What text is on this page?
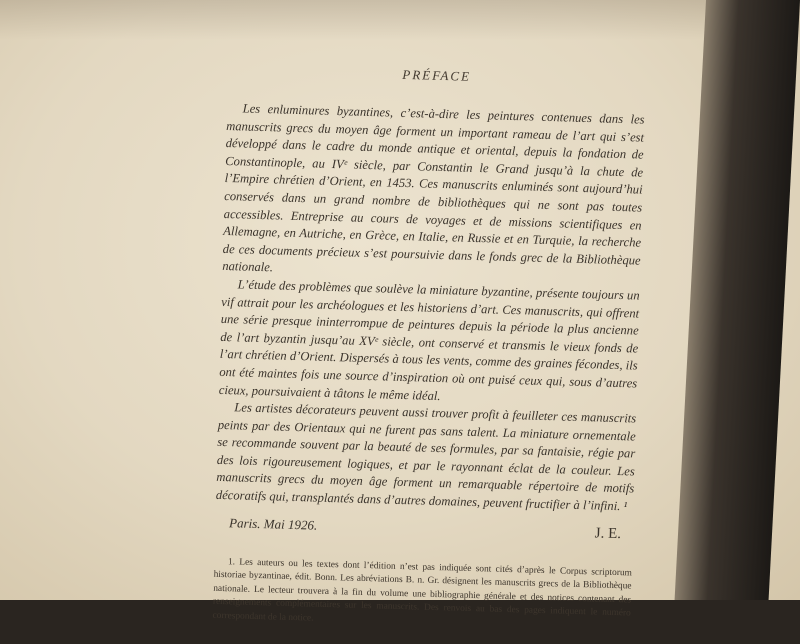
PRÉFACE

Les enluminures byzantines, c’est-à-dire les peintures contenues dans les manuscrits grecs du moyen âge forment un important rameau de l’art qui s’est développé dans le cadre du monde antique et oriental, depuis la fondation de Constantinople, au IVᵉ siècle, par Constantin le Grand jusqu’à la chute de l’Empire chrétien d’Orient, en 1453. Ces manuscrits enluminés sont aujourd’hui conservés dans un grand nombre de bibliothèques qui ne sont pas toutes accessibles. Entreprise au cours de voyages et de missions scientifiques en Allemagne, en Autriche, en Grèce, en Italie, en Russie et en Turquie, la recherche de ces documents précieux s’est poursuivie dans le fonds grec de la Bibliothèque nationale.

L’étude des problèmes que soulève la miniature byzantine, présente toujours un vif attrait pour les archéologues et les historiens d’art. Ces manuscrits, qui offrent une série presque ininterrompue de peintures depuis la période la plus ancienne de l’art byzantin jusqu’au XVᵉ siècle, ont conservé et transmis le vieux fonds de l’art chrétien d’Orient. Dispersés à tous les vents, comme des graines fécondes, ils ont été maintes fois une source d’inspiration où ont puisé ceux qui, sous d’autres cieux, poursuivaient à tâtons le même idéal.

Les artistes décorateurs peuvent aussi trouver profit à feuilleter ces manuscrits peints par des Orientaux qui ne furent pas sans talent. La miniature ornementale se recommande souvent par la beauté de ses formules, par sa fantaisie, régie par des lois rigoureusement logiques, et par le rayonnant éclat de la couleur. Les manuscrits grecs du moyen âge forment un remarquable répertoire de motifs décoratifs qui, transplantés dans d’autres domaines, peuvent fructifier à l’infini. ¹

Paris. Mai 1926.
J. E.

1. Les auteurs ou les textes dont l’édition n’est pas indiquée sont cités d’après le Corpus scriptorum historiae byzantinae, édit. Bonn. Les abréviations B. n. Gr. désignent les manuscrits grecs de la Bibliothèque nationale. Le lecteur trouvera à la fin du volume une bibliographie générale et des notices contenant des renseignements complémentaires sur les manuscrits. Des renvois au bas des pages indiquent le numéro correspondant de la notice.
